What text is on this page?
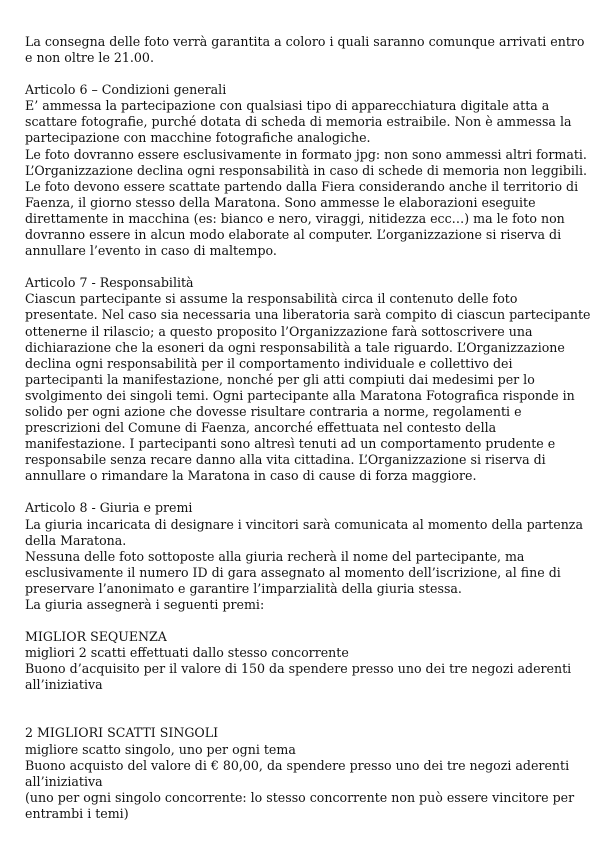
La consegna delle foto verrà garantita a coloro i quali saranno comunque arrivati entro e non oltre le 21.00.

Articolo 6 – Condizioni generali

E’ ammessa la partecipazione con qualsiasi tipo di apparecchiatura digitale atta a scattare fotografie, purché dotata di scheda di memoria estraibile. Non è ammessa la partecipazione con macchine fotografiche analogiche.

Le foto dovranno essere esclusivamente in formato jpg: non sono ammessi altri formati. L’Organizzazione declina ogni responsabilità in caso di schede di memoria non leggibili. Le foto devono essere scattate partendo dalla Fiera considerando anche il territorio di Faenza, il giorno stesso della Maratona. Sono ammesse le elaborazioni eseguite direttamente in macchina (es: bianco e nero, viraggi, nitidezza ecc…) ma le foto non dovranno essere in alcun modo elaborate al computer. L’organizzazione si riserva di annullare l’evento in caso di maltempo.

Articolo 7 - Responsabilità

Ciascun partecipante si assume la responsabilità circa il contenuto delle foto presentate. Nel caso sia necessaria una liberatoria sarà compito di ciascun partecipante ottenerne il rilascio; a questo proposito l’Organizzazione farà sottoscrivere una dichiarazione che la esoneri da ogni responsabilità a tale riguardo. L’Organizzazione declina ogni responsabilità per il comportamento individuale e collettivo dei partecipanti la manifestazione, nonché per gli atti compiuti dai medesimi per lo svolgimento dei singoli temi. Ogni partecipante alla Maratona Fotografica risponde in solido per ogni azione che dovesse risultare contraria a norme, regolamenti e prescrizioni del Comune di Faenza, ancorché effettuata nel contesto della manifestazione. I partecipanti sono altresì tenuti ad un comportamento prudente e responsabile senza recare danno alla vita cittadina. L’Organizzazione si riserva di annullare o rimandare la Maratona in caso di cause di forza maggiore.

Articolo 8 - Giuria e premi

La giuria incaricata di designare i vincitori sarà comunicata al momento della partenza della Maratona.

Nessuna delle foto sottoposte alla giuria recherà il nome del partecipante, ma esclusivamente il numero ID di gara assegnato al momento dell’iscrizione, al fine di preservare l’anonimato e garantire l’imparzialità della giuria stessa.

La giuria assegnerà i seguenti premi:

MIGLIOR SEQUENZA

migliori 2 scatti effettuati dallo stesso concorrente

Buono d’acquisito per il valore di 150 da spendere presso uno dei tre negozi aderenti all’iniziativa

2 MIGLIORI SCATTI SINGOLI

migliore scatto singolo, uno per ogni tema

Buono acquisto del valore di € 80,00, da spendere presso uno dei tre negozi aderenti all’iniziativa

(uno per ogni singolo concorrente: lo stesso concorrente non può essere vincitore per entrambi i temi)
